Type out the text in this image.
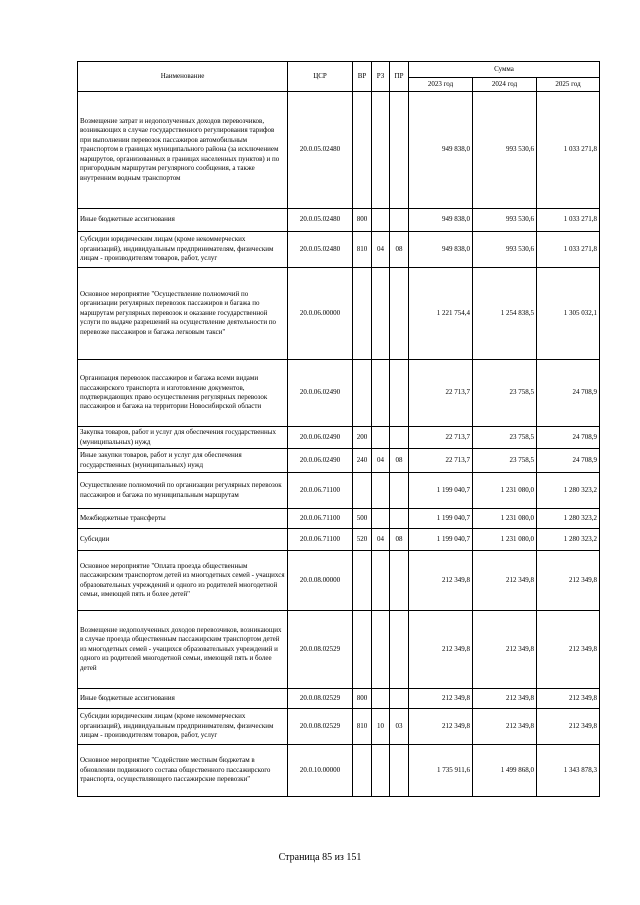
Наименование	ЦСР	ВР	РЗ	ПР	Сумма		
					2023 год	2024 год	2025 год
Возмещение затрат и недополученных доходов перевозчиков, возникающих в случае государственного регулирования тарифов при выполнении перевозок пассажиров автомобильным транспортом в границах муниципального района (за исключением маршрутов, организованных в границах населенных пунктов) и по пригородным маршрутам регулярного сообщения, а также внутренним водным транспортом	20.0.05.02480				949 838,0	993 530,6	1 033 271,8
Иные бюджетные ассигнования	20.0.05.02480	800			949 838,0	993 530,6	1 033 271,8
Субсидии юридическим лицам (кроме некоммерческих организаций), индивидуальным предпринимателям, физическим лицам - производителям товаров, работ, услуг	20.0.05.02480	810	04	08	949 838,0	993 530,6	1 033 271,8
Основное мероприятие "Осуществление полномочий по организации регулярных перевозок пассажиров и багажа по маршрутам регулярных перевозок и оказание государственной услуги по выдаче разрешений на осуществление деятельности по перевозке пассажиров и багажа легковым такси"	20.0.06.00000				1 221 754,4	1 254 838,5	1 305 032,1
Организация перевозок пассажиров и багажа всеми видами пассажирского транспорта и изготовление документов, подтверждающих право осуществления регулярных перевозок пассажиров и багажа на территории Новосибирской области	20.0.06.02490				22 713,7	23 758,5	24 708,9
Закупка товаров, работ и услуг для обеспечения государственных (муниципальных) нужд	20.0.06.02490	200			22 713,7	23 758,5	24 708,9
Иные закупки товаров, работ и услуг для обеспечения государственных (муниципальных) нужд	20.0.06.02490	240	04	08	22 713,7	23 758,5	24 708,9
Осуществление полномочий по организации регулярных перевозок пассажиров и багажа по муниципальным маршрутам	20.0.06.71100				1 199 040,7	1 231 080,0	1 280 323,2
Межбюджетные трансферты	20.0.06.71100	500			1 199 040,7	1 231 080,0	1 280 323,2
Субсидии	20.0.06.71100	520	04	08	1 199 040,7	1 231 080,0	1 280 323,2
Основное мероприятие "Оплата проезда общественным пассажирским транспортом детей из многодетных семей - учащихся образовательных учреждений и одного из родителей многодетной семьи, имеющей пять и более детей"	20.0.08.00000				212 349,8	212 349,8	212 349,8
Возмещение недополученных доходов перевозчиков, возникающих в случае проезда общественным пассажирским транспортом детей из многодетных семей - учащихся образовательных учреждений и одного из родителей многодетной семьи, имеющей пять и более детей	20.0.08.02529				212 349,8	212 349,8	212 349,8
Иные бюджетные ассигнования	20.0.08.02529	800			212 349,8	212 349,8	212 349,8
Субсидии юридическим лицам (кроме некоммерческих организаций), индивидуальным предпринимателям, физическим лицам - производителям товаров, работ, услуг	20.0.08.02529	810	10	03	212 349,8	212 349,8	212 349,8
Основное мероприятие "Содействие местным бюджетам в обновлении подвижного состава общественного пассажирского транспорта, осуществляющего пассажирские перевозки"	20.0.10.00000				1 735 911,6	1 499 868,0	1 343 878,3
Страница 85 из 151
